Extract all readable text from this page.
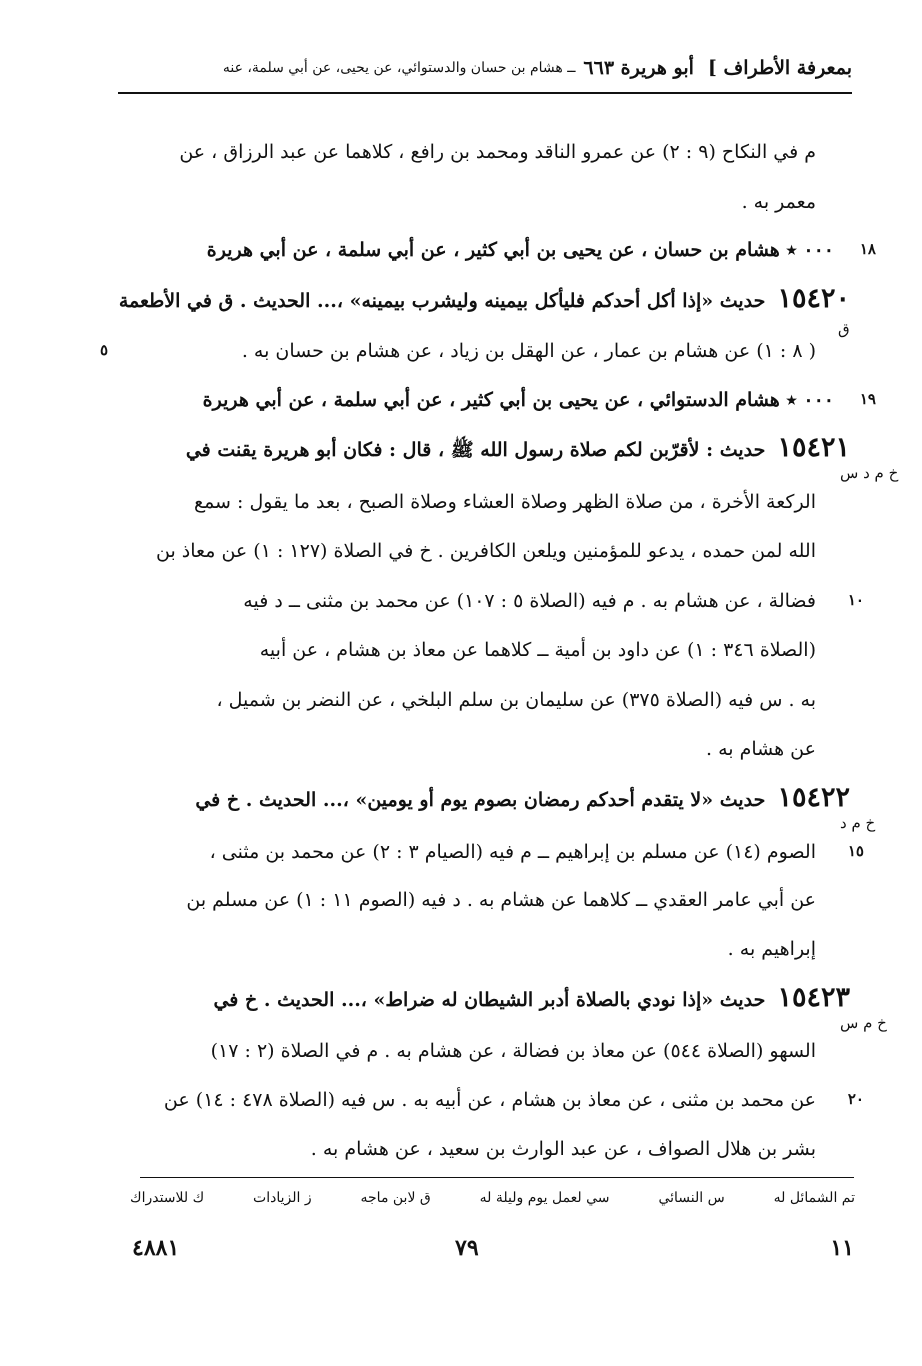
بمعرفة الأطراف ]
أبو هريرة ٦٦٣
ــ هشام بن حسان والدستوائي، عن يحيى، عن أبي سلمة، عنه
م في النكاح (٩ : ٢) عن عمرو الناقد ومحمد بن رافع ، كلاهما عن عبد الرزاق ، عن
معمر به .
٠٠٠ ٭ هشام بن حسان ، عن يحيى بن أبي كثير ، عن أبي سلمة ، عن أبي هريرة
١٥٤٢٠  حديث «إذا أكل أحدكم فليأكل بيمينه وليشرب بيمينه» ،... الحديث . ق في الأطعمة
( ٨ : ١) عن هشام بن عمار ، عن الهقل بن زياد ، عن هشام بن حسان به .
٠٠٠ ٭ هشام الدستوائي ، عن يحيى بن أبي كثير ، عن أبي سلمة ، عن أبي هريرة
١٥٤٢١  حديث : لأقرّبن لكم صلاة رسول الله ﷺ ، قال : فكان أبو هريرة يقنت في
الركعة الأخرة ، من صلاة الظهر وصلاة العشاء وصلاة الصبح ، بعد ما يقول : سمع
الله لمن حمده ، يدعو للمؤمنين ويلعن الكافرين . خ في الصلاة (١٢٧ : ١) عن معاذ بن
فضالة ، عن هشام به . م فيه (الصلاة ٥ : ١٠٧) عن محمد بن مثنى ــ د فيه
(الصلاة ٣٤٦ : ١) عن داود بن أمية ــ كلاهما عن معاذ بن هشام ، عن أبيه
به . س فيه (الصلاة ٣٧٥) عن سليمان بن سلم البلخي ، عن النضر بن شميل ،
عن هشام به .
١٥٤٢٢  حديث «لا يتقدم أحدكم رمضان بصوم يوم أو يومين» ،... الحديث . خ في
الصوم (١٤) عن مسلم بن إبراهيم ــ م فيه (الصيام ٣ : ٢) عن محمد بن مثنى ،
عن أبي عامر العقدي ــ كلاهما عن هشام به . د فيه (الصوم ١١ : ١) عن مسلم بن
إبراهيم به .
١٥٤٢٣  حديث «إذا نودي بالصلاة أدبر الشيطان له ضراط» ،... الحديث . خ في
السهو (الصلاة ٥٤٤) عن معاذ بن فضالة ، عن هشام به . م في الصلاة (٢ : ١٧)
عن محمد بن مثنى ، عن معاذ بن هشام ، عن أبيه به . س فيه (الصلاة ٤٧٨ : ١٤) عن
بشر بن هلال الصواف ، عن عبد الوارث بن سعيد ، عن هشام به .
١٨
١٩
١٠
١٥
٢٠
٥
ق
خ م د س
خ م د
خ م س
تم الشمائل له
س النسائي
سي لعمل يوم وليلة له
ق لابن ماجه
ز الزيادات
ك للاستدراك
٤٨٨١	٧٩	١١
